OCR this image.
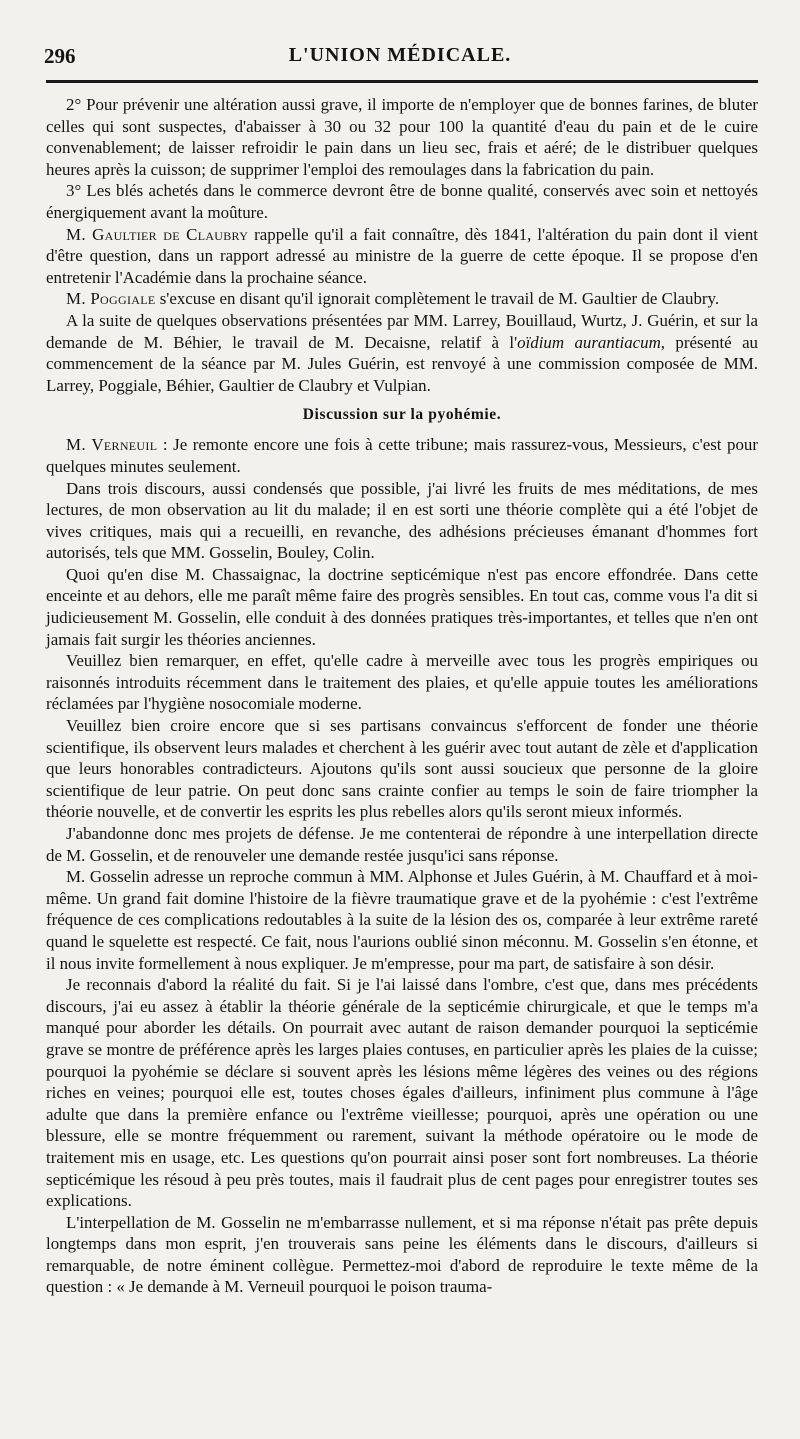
296	L'UNION MÉDICALE.

2° Pour prévenir une altération aussi grave, il importe de n'employer que de bonnes farines, de bluter celles qui sont suspectes, d'abaisser à 30 ou 32 pour 100 la quantité d'eau du pain et de le cuire convenablement; de laisser refroidir le pain dans un lieu sec, frais et aéré; de le distribuer quelques heures après la cuisson; de supprimer l'emploi des remoulages dans la fabrication du pain.

3° Les blés achetés dans le commerce devront être de bonne qualité, conservés avec soin et nettoyés énergiquement avant la moûture.

M. Gaultier de Claubry rappelle qu'il a fait connaître, dès 1841, l'altération du pain dont il vient d'être question, dans un rapport adressé au ministre de la guerre de cette époque. Il se propose d'en entretenir l'Académie dans la prochaine séance.

M. Poggiale s'excuse en disant qu'il ignorait complètement le travail de M. Gaultier de Claubry.

A la suite de quelques observations présentées par MM. Larrey, Bouillaud, Wurtz, J. Guérin, et sur la demande de M. Béhier, le travail de M. Decaisne, relatif à l'oïdium aurantiacum, présenté au commencement de la séance par M. Jules Guérin, est renvoyé à une commission composée de MM. Larrey, Poggiale, Béhier, Gaultier de Claubry et Vulpian.

Discussion sur la pyohémie.

M. Verneuil : Je remonte encore une fois à cette tribune; mais rassurez-vous, Messieurs, c'est pour quelques minutes seulement.

Dans trois discours, aussi condensés que possible, j'ai livré les fruits de mes méditations, de mes lectures, de mon observation au lit du malade; il en est sorti une théorie complète qui a été l'objet de vives critiques, mais qui a recueilli, en revanche, des adhésions précieuses émanant d'hommes fort autorisés, tels que MM. Gosselin, Bouley, Colin.

Quoi qu'en dise M. Chassaignac, la doctrine septicémique n'est pas encore effondrée. Dans cette enceinte et au dehors, elle me paraît même faire des progrès sensibles. En tout cas, comme vous l'a dit si judicieusement M. Gosselin, elle conduit à des données pratiques très-importantes, et telles que n'en ont jamais fait surgir les théories anciennes.

Veuillez bien remarquer, en effet, qu'elle cadre à merveille avec tous les progrès empiriques ou raisonnés introduits récemment dans le traitement des plaies, et qu'elle appuie toutes les améliorations réclamées par l'hygiène nosocomiale moderne.

Veuillez bien croire encore que si ses partisans convaincus s'efforcent de fonder une théorie scientifique, ils observent leurs malades et cherchent à les guérir avec tout autant de zèle et d'application que leurs honorables contradicteurs. Ajoutons qu'ils sont aussi soucieux que personne de la gloire scientifique de leur patrie. On peut donc sans crainte confier au temps le soin de faire triompher la théorie nouvelle, et de convertir les esprits les plus rebelles alors qu'ils seront mieux informés.

J'abandonne donc mes projets de défense. Je me contenterai de répondre à une interpellation directe de M. Gosselin, et de renouveler une demande restée jusqu'ici sans réponse.

M. Gosselin adresse un reproche commun à MM. Alphonse et Jules Guérin, à M. Chauffard et à moi-même. Un grand fait domine l'histoire de la fièvre traumatique grave et de la pyohémie : c'est l'extrême fréquence de ces complications redoutables à la suite de la lésion des os, comparée à leur extrême rareté quand le squelette est respecté. Ce fait, nous l'aurions oublié sinon méconnu. M. Gosselin s'en étonne, et il nous invite formellement à nous expliquer. Je m'empresse, pour ma part, de satisfaire à son désir.

Je reconnais d'abord la réalité du fait. Si je l'ai laissé dans l'ombre, c'est que, dans mes précédents discours, j'ai eu assez à établir la théorie générale de la septicémie chirurgicale, et que le temps m'a manqué pour aborder les détails. On pourrait avec autant de raison demander pourquoi la septicémie grave se montre de préférence après les larges plaies contuses, en particulier après les plaies de la cuisse; pourquoi la pyohémie se déclare si souvent après les lésions même légères des veines ou des régions riches en veines; pourquoi elle est, toutes choses égales d'ailleurs, infiniment plus commune à l'âge adulte que dans la première enfance ou l'extrême vieillesse; pourquoi, après une opération ou une blessure, elle se montre fréquemment ou rarement, suivant la méthode opératoire ou le mode de traitement mis en usage, etc. Les questions qu'on pourrait ainsi poser sont fort nombreuses. La théorie septicémique les résoud à peu près toutes, mais il faudrait plus de cent pages pour enregistrer toutes ses explications.

L'interpellation de M. Gosselin ne m'embarrasse nullement, et si ma réponse n'était pas prête depuis longtemps dans mon esprit, j'en trouverais sans peine les éléments dans le discours, d'ailleurs si remarquable, de notre éminent collègue. Permettez-moi d'abord de reproduire le texte même de la question : « Je demande à M. Verneuil pourquoi le poison trauma-
